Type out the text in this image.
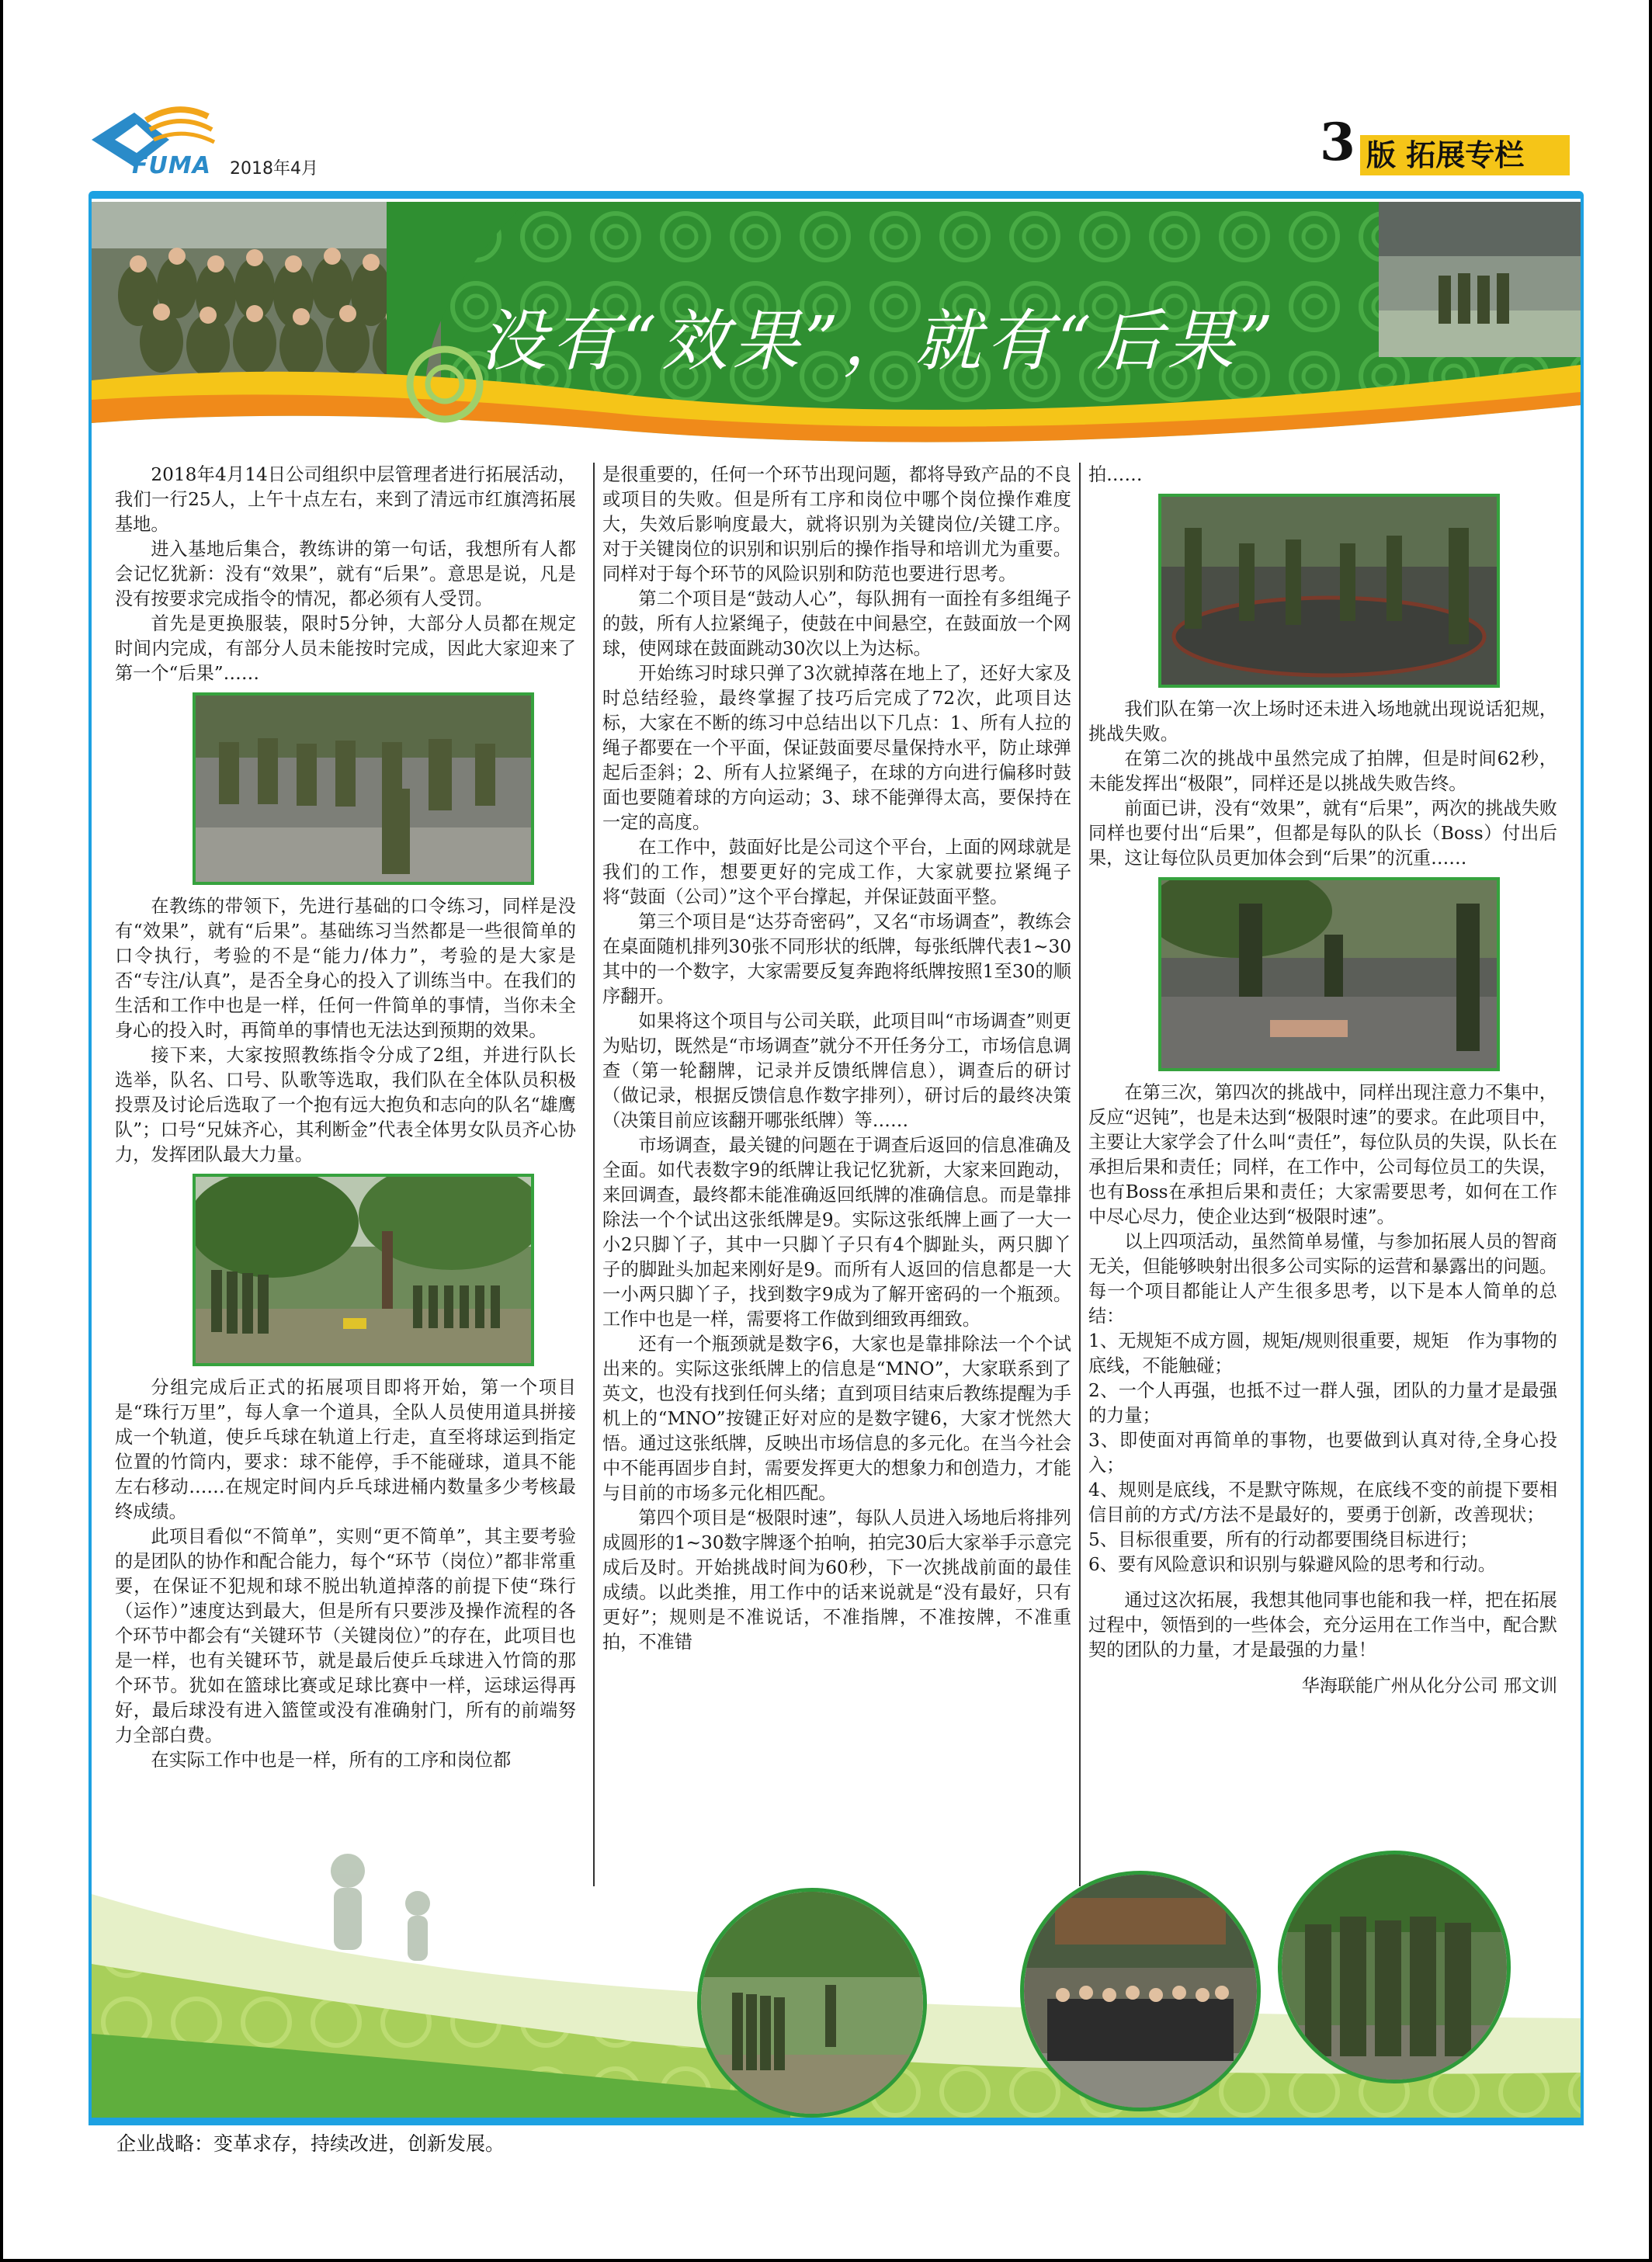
FUMA 2018年4月	3 版 拓展专栏
没有“效果”，就有“后果”

2018年4月14日公司组织中层管理者进行拓展活动，我们一行25人，上午十点左右，来到了清远市红旗湾拓展基地。

进入基地后集合，教练讲的第一句话，我想所有人都会记忆犹新：没有“效果”，就有“后果”。意思是说，凡是没有按要求完成指令的情况，都必须有人受罚。

首先是更换服装，限时5分钟，大部分人员都在规定时间内完成，有部分人员未能按时完成，因此大家迎来了第一个“后果”……

在教练的带领下，先进行基础的口令练习，同样是没有“效果”，就有“后果”。基础练习当然都是一些很简单的口令执行，考验的不是“能力/体力”，考验的是大家是否“专注/认真”，是否全身心的投入了训练当中。在我们的生活和工作中也是一样，任何一件简单的事情，当你未全身心的投入时，再简单的事情也无法达到预期的效果。

接下来，大家按照教练指令分成了2组，并进行队长选举，队名、口号、队歌等选取，我们队在全体队员积极投票及讨论后选取了一个抱有远大抱负和志向的队名“雄鹰队”；口号“兄妹齐心，其利断金”代表全体男女队员齐心协力，发挥团队最大力量。

分组完成后正式的拓展项目即将开始，第一个项目是“珠行万里”，每人拿一个道具，全队人员使用道具拼接成一个轨道，使乒乓球在轨道上行走，直至将球运到指定位置的竹筒内，要求：球不能停，手不能碰球，道具不能左右移动……在规定时间内乒乓球进桶内数量多少考核最终成绩。

此项目看似“不简单”，实则“更不简单”，其主要考验的是团队的协作和配合能力，每个“环节（岗位）”都非常重要，在保证不犯规和球不脱出轨道掉落的前提下使“珠行（运作）”速度达到最大，但是所有只要涉及操作流程的各个环节中都会有“关键环节（关键岗位）”的存在，此项目也是一样，也有关键环节，就是最后使乒乓球进入竹筒的那个环节。犹如在篮球比赛或足球比赛中一样，运球运得再好，最后球没有进入篮筐或没有准确射门，所有的前端努力全部白费。

在实际工作中也是一样，所有的工序和岗位都

是很重要的，任何一个环节出现问题，都将导致产品的不良或项目的失败。但是所有工序和岗位中哪个岗位操作难度大，失效后影响度最大，就将识别为关键岗位/关键工序。对于关键岗位的识别和识别后的操作指导和培训尤为重要。同样对于每个环节的风险识别和防范也要进行思考。

第二个项目是“鼓动人心”，每队拥有一面拴有多组绳子的鼓，所有人拉紧绳子，使鼓在中间悬空，在鼓面放一个网球，使网球在鼓面跳动30次以上为达标。

开始练习时球只弹了3次就掉落在地上了，还好大家及时总结经验，最终掌握了技巧后完成了72次，此项目达标，大家在不断的练习中总结出以下几点：1、所有人拉的绳子都要在一个平面，保证鼓面要尽量保持水平，防止球弹起后歪斜；2、所有人拉紧绳子，在球的方向进行偏移时鼓面也要随着球的方向运动；3、球不能弹得太高，要保持在一定的高度。

在工作中，鼓面好比是公司这个平台，上面的网球就是我们的工作，想要更好的完成工作，大家就要拉紧绳子将“鼓面（公司）”这个平台撑起，并保证鼓面平整。

第三个项目是“达芬奇密码”，又名“市场调查”，教练会在桌面随机排列30张不同形状的纸牌，每张纸牌代表1~30其中的一个数字，大家需要反复奔跑将纸牌按照1至30的顺序翻开。

如果将这个项目与公司关联，此项目叫“市场调查”则更为贴切，既然是“市场调查”就分不开任务分工，市场信息调查（第一轮翻牌，记录并反馈纸牌信息），调查后的研讨（做记录，根据反馈信息作数字排列），研讨后的最终决策（决策目前应该翻开哪张纸牌）等……

市场调查，最关键的问题在于调查后返回的信息准确及全面。如代表数字9的纸牌让我记忆犹新，大家来回跑动，来回调查，最终都未能准确返回纸牌的准确信息。而是靠排除法一个个试出这张纸牌是9。实际这张纸牌上画了一大一小2只脚丫子，其中一只脚丫子只有4个脚趾头，两只脚丫子的脚趾头加起来刚好是9。而所有人返回的信息都是一大一小两只脚丫子，找到数字9成为了解开密码的一个瓶颈。工作中也是一样，需要将工作做到细致再细致。

还有一个瓶颈就是数字6，大家也是靠排除法一个个试出来的。实际这张纸牌上的信息是“MNO”，大家联系到了英文，也没有找到任何头绪；直到项目结束后教练提醒为手机上的“MNO”按键正好对应的是数字键6，大家才恍然大悟。通过这张纸牌，反映出市场信息的多元化。在当今社会中不能再固步自封，需要发挥更大的想象力和创造力，才能与目前的市场多元化相匹配。

第四个项目是“极限时速”，每队人员进入场地后将排列成圆形的1~30数字牌逐个拍响，拍完30后大家举手示意完成后及时。开始挑战时间为60秒，下一次挑战前面的最佳成绩。以此类推，用工作中的话来说就是“没有最好，只有更好”；规则是不准说话，不准指牌，不准按牌，不准重拍，不准错

拍……

我们队在第一次上场时还未进入场地就出现说话犯规，挑战失败。

在第二次的挑战中虽然完成了拍牌，但是时间62秒，未能发挥出“极限”，同样还是以挑战失败告终。

前面已讲，没有“效果”，就有“后果”，两次的挑战失败同样也要付出“后果”，但都是每队的队长（Boss）付出后果，这让每位队员更加体会到“后果”的沉重……

在第三次，第四次的挑战中，同样出现注意力不集中，反应“迟钝”，也是未达到“极限时速”的要求。在此项目中，主要让大家学会了什么叫“责任”，每位队员的失误，队长在承担后果和责任；同样，在工作中，公司每位员工的失误，也有Boss在承担后果和责任；大家需要思考，如何在工作中尽心尽力，使企业达到“极限时速”。

以上四项活动，虽然简单易懂，与参加拓展人员的智商无关，但能够映射出很多公司实际的运营和暴露出的问题。每一个项目都能让人产生很多思考，以下是本人简单的总结：

1、无规矩不成方圆，规矩/规则很重要，规矩　作为事物的底线，不能触碰；

2、一个人再强，也抵不过一群人强，团队的力量才是最强的力量；

3、即使面对再简单的事物，也要做到认真对待,全身心投入；

4、规则是底线，不是默守陈规，在底线不变的前提下要相信目前的方式/方法不是最好的，要勇于创新，改善现状；

5、目标很重要，所有的行动都要围绕目标进行；

6、要有风险意识和识别与躲避风险的思考和行动。

通过这次拓展，我想其他同事也能和我一样，把在拓展过程中，领悟到的一些体会，充分运用在工作当中，配合默契的团队的力量，才是最强的力量！

华海联能广州从化分公司 邢文训

企业战略：变革求存，持续改进，创新发展。
